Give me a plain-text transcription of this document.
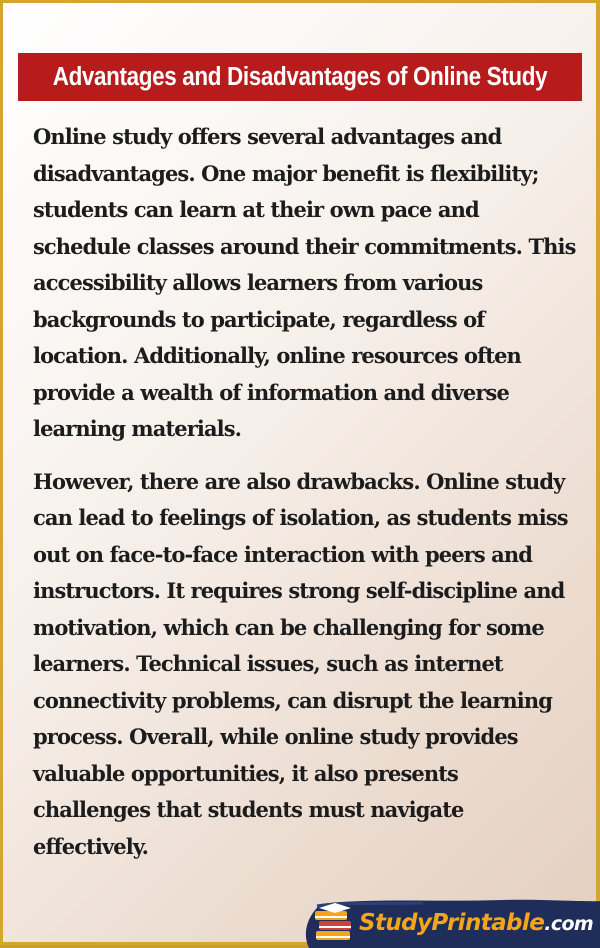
Advantages and Disadvantages of Online Study

Online study offers several advantages and disadvantages. One major benefit is flexibility; students can learn at their own pace and schedule classes around their commitments. This accessibility allows learners from various backgrounds to participate, regardless of location. Additionally, online resources often provide a wealth of information and diverse learning materials.

However, there are also drawbacks. Online study can lead to feelings of isolation, as students miss out on face-to-face interaction with peers and instructors. It requires strong self-discipline and motivation, which can be challenging for some learners. Technical issues, such as internet connectivity problems, can disrupt the learning process. Overall, while online study provides valuable opportunities, it also presents challenges that students must navigate effectively.

StudyPrintable.com
